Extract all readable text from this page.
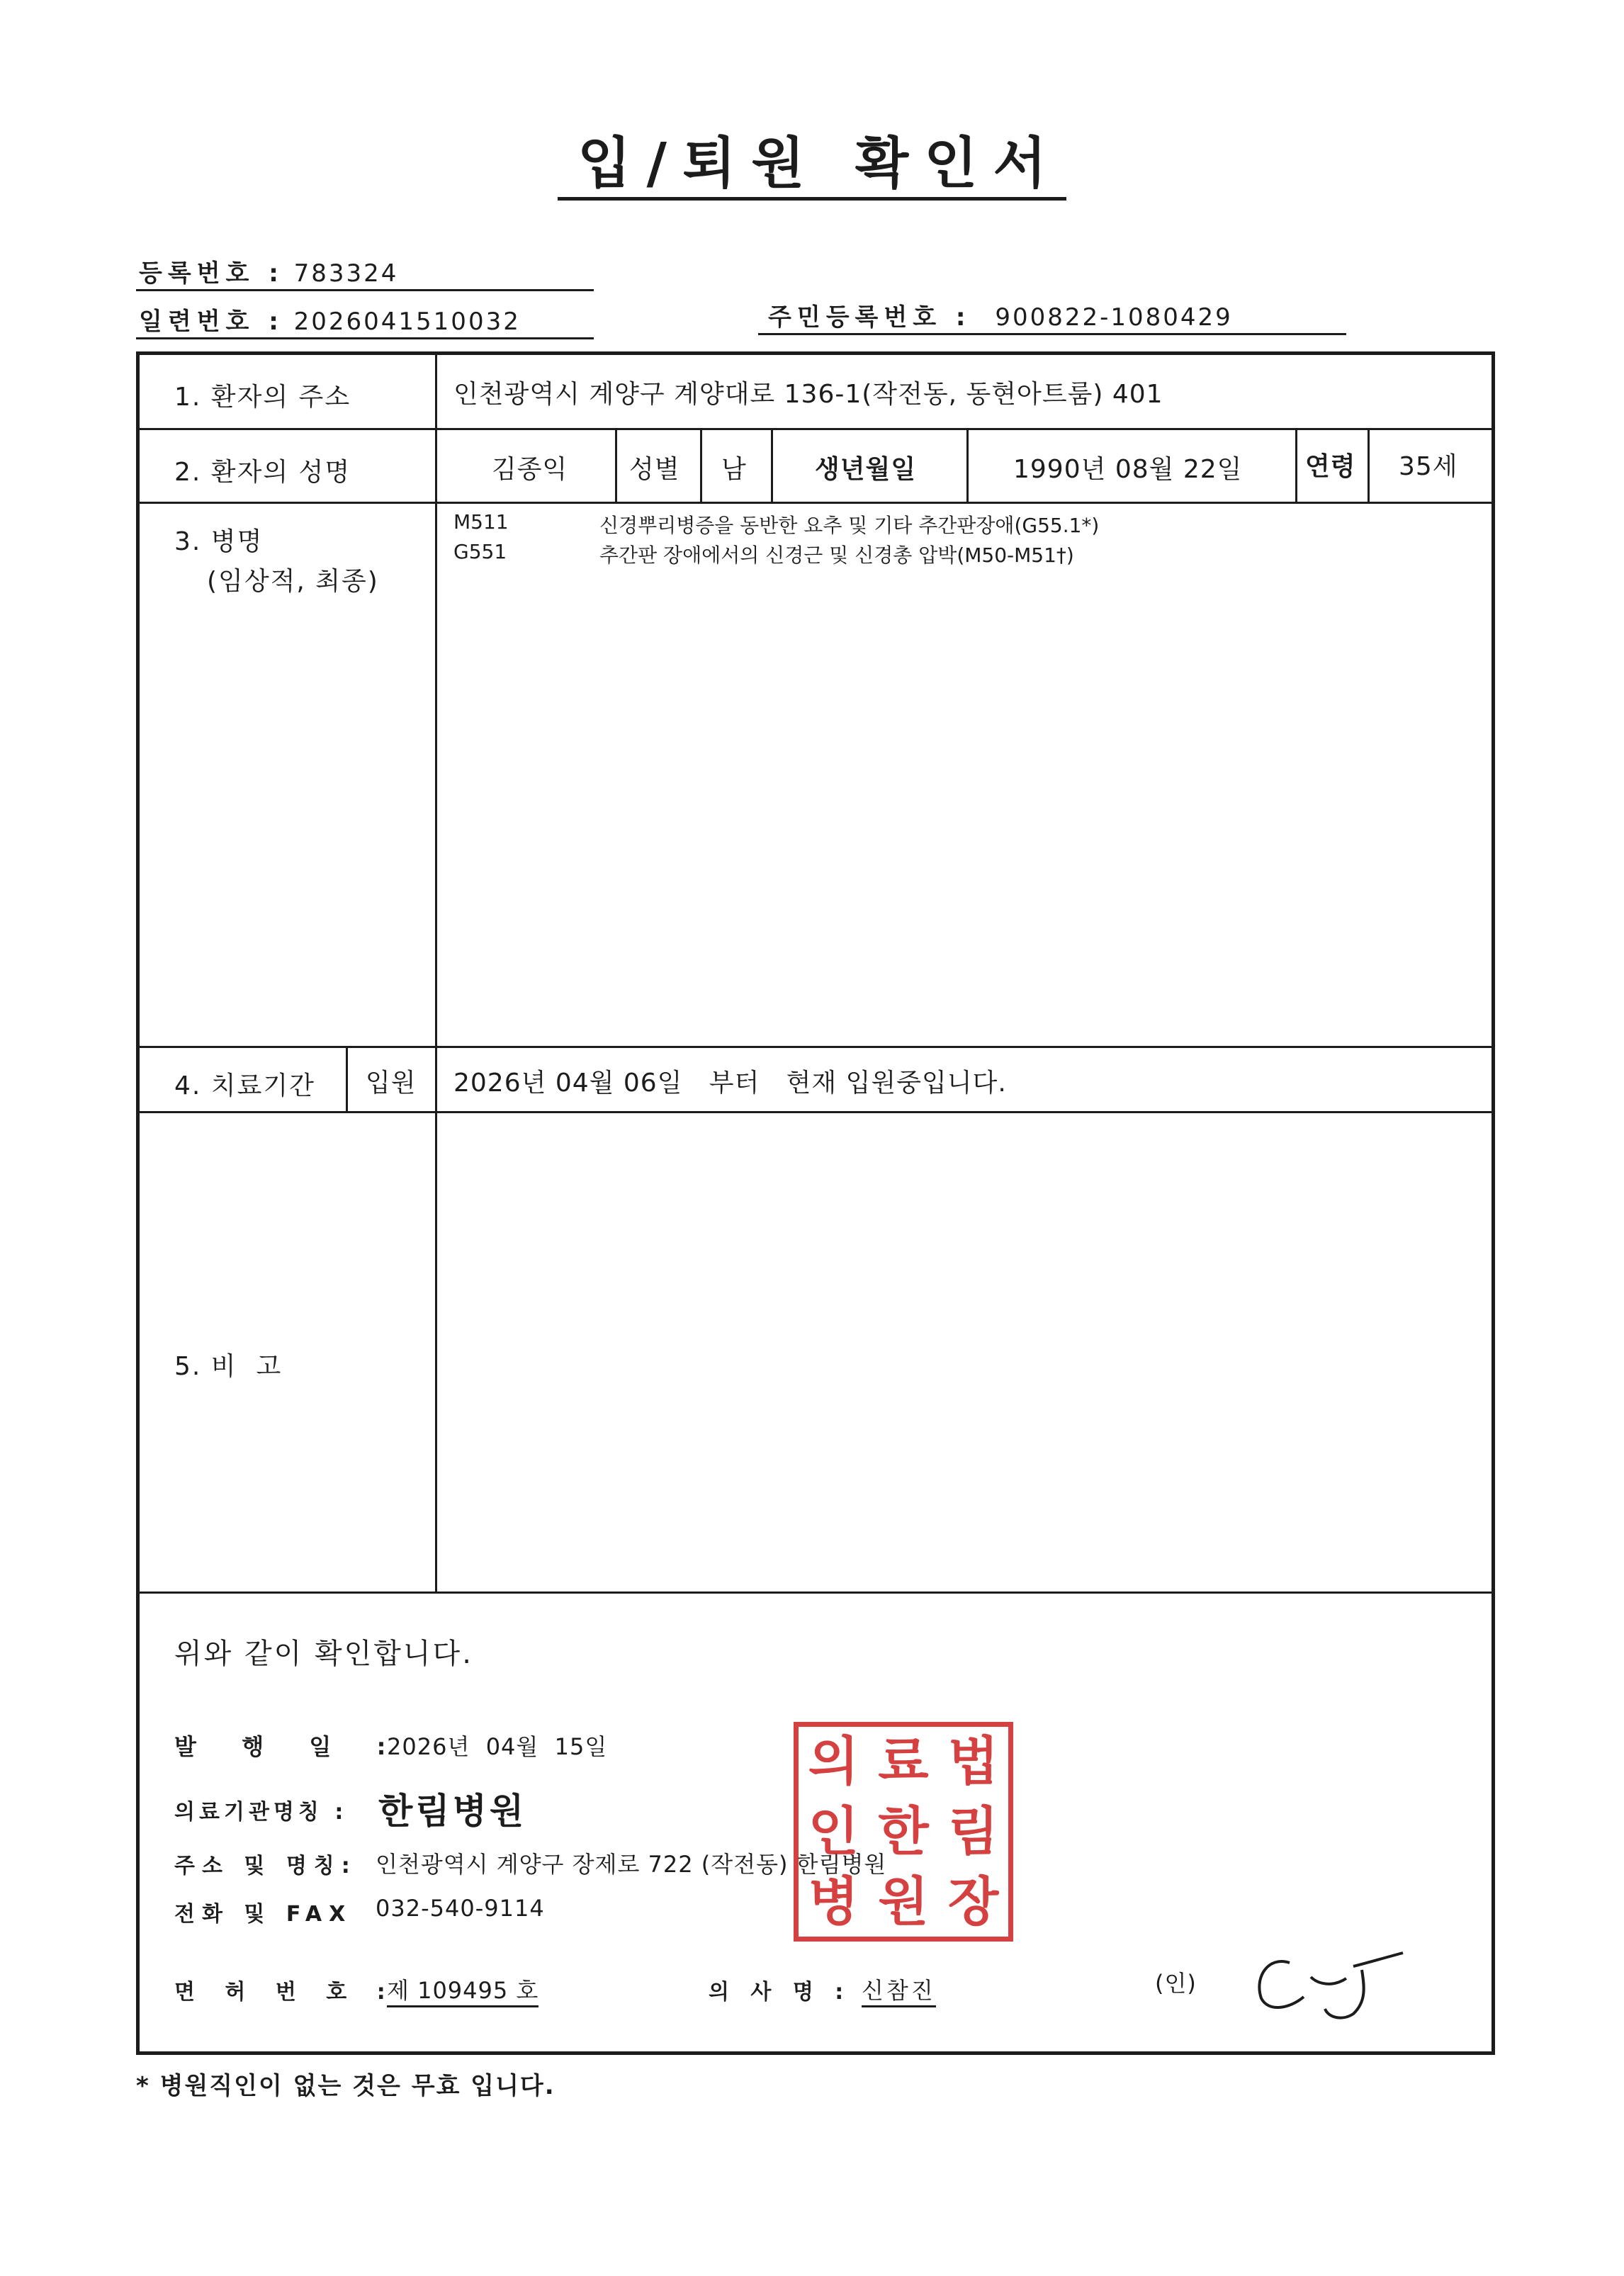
입/퇴원 확인서
등록번호 : 783324
일련번호 : 2026041510032	주민등록번호 : 900822-1080429
1. 환자의 주소	인천광역시 계양구 계양대로 136-1(작전동, 동현아트룸) 401
2. 환자의 성명	김종익 성별 남	생년월일	1990년 08월 22일 연령 35세
3. 병명
(임상적, 최종)
M511	신경뿌리병증을 동반한 요추 및 기타 추간판장애(G55.1*)
G551	추간판 장애에서의 신경근 및 신경총 압박(M50-M51†)
4. 치료기간 입원 2026년 04월 06일   부터   현재 입원중입니다.
5. 비  고
위와 같이 확인합니다.
발  행  일  :
2026년  04월  15일
의료기관명칭 : 한림병원
주소 및 명칭: 인천광역시 계양구 장제로 722 (작전동) 한림병원
전화 및 FAX 032-540-9114
면 허 번 호 :
제 109495 호	의 사 명 : 신참진	(인)
의 료 법
인 한 림
병 원 장
* 병원직인이 없는 것은 무효 입니다.
